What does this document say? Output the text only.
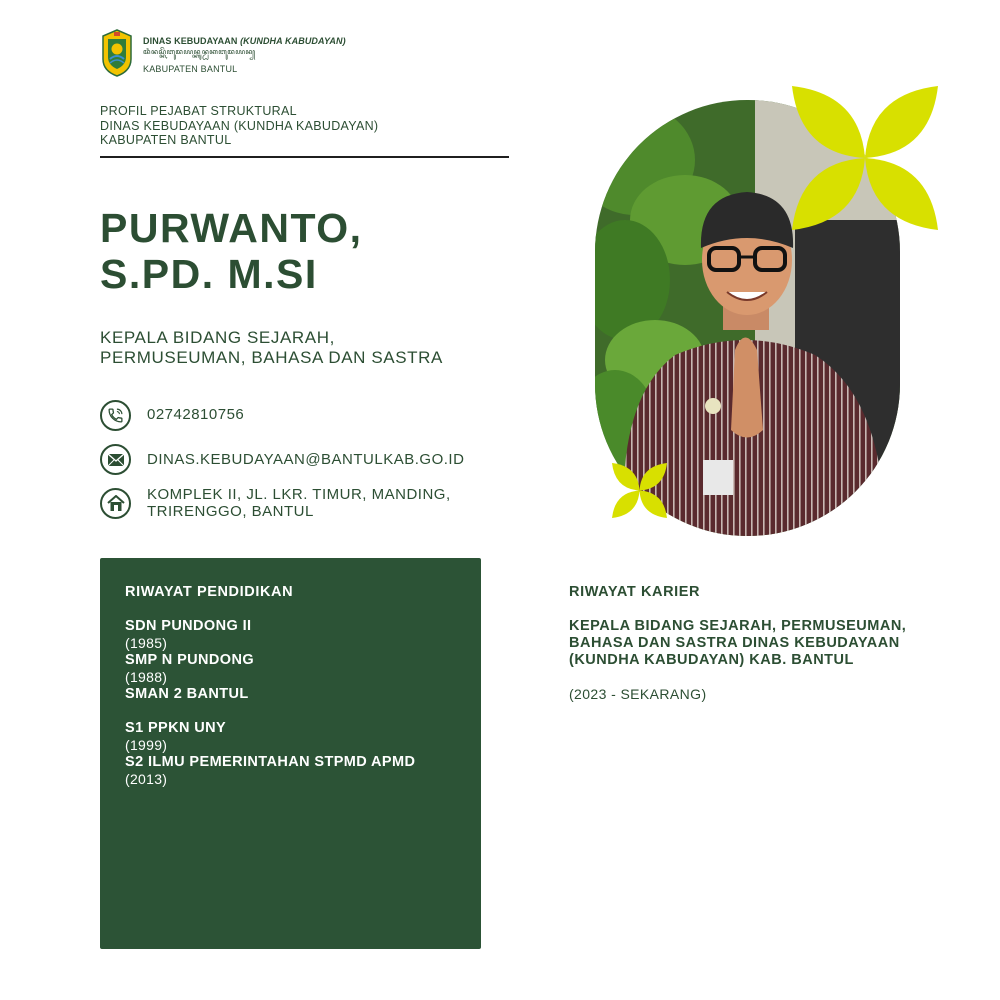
DINAS KEBUDAYAAN (KUNDHA KABUDAYAN)
ꦢꦶꦤꦱ꧀ꦏꦼꦧꦸꦢꦪꦤ꧀ꦏꦸꦤ꧀ꦝꦏꦧꦸꦢꦪꦤ꧀
KABUPATEN BANTUL
PROFIL PEJABAT STRUKTURAL
DINAS KEBUDAYAAN (KUNDHA KABUDAYAN)
KABUPATEN BANTUL
PURWANTO,
S.PD. M.SI
KEPALA BIDANG SEJARAH,
PERMUSEUMAN, BAHASA DAN SASTRA
02742810756
DINAS.KEBUDAYAAN@BANTULKAB.GO.ID
KOMPLEK II, JL. LKR. TIMUR, MANDING,
TRIRENGGO, BANTUL
RIWAYAT PENDIDIKAN
SDN PUNDONG II
(1985)
SMP N PUNDONG
(1988)
SMAN 2 BANTUL
S1 PPKN UNY
(1999)
S2 ILMU PEMERINTAHAN STPMD APMD
(2013)
RIWAYAT KARIER
KEPALA BIDANG SEJARAH, PERMUSEUMAN, BAHASA DAN SASTRA DINAS KEBUDAYAAN (KUNDHA KABUDAYAN) KAB. BANTUL
(2023 - SEKARANG)
